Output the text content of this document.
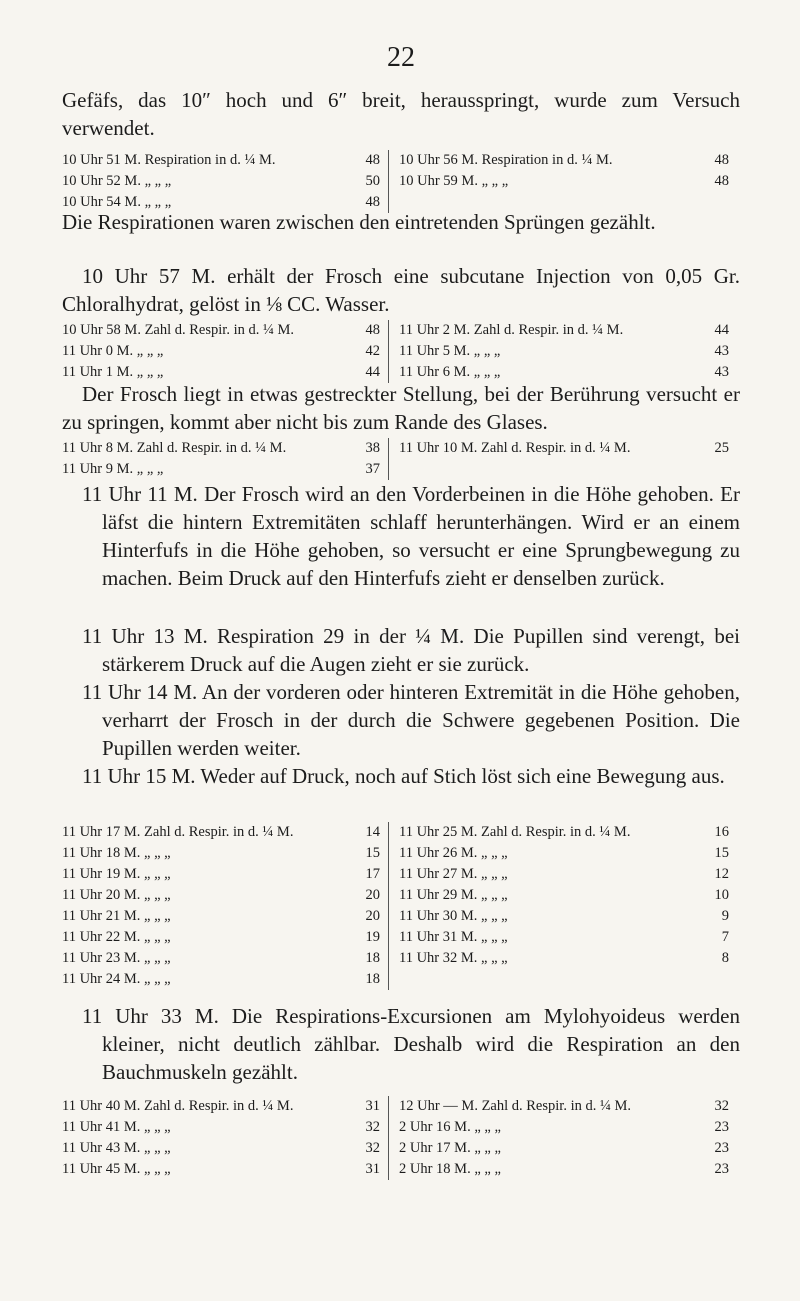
22

Gefäfs, das 10″ hoch und 6″ breit, herausspringt, wurde zum Versuch verwendet.

10 Uhr 51 M. Respiration in d. ¼ M.	48
10 Uhr 52 M. „ „ „	50
10 Uhr 54 M. „ „ „	48
10 Uhr 56 M. Respiration in d. ¼ M.	48
10 Uhr 59 M. „ „ „	48

Die Respirationen waren zwischen den eintretenden Sprüngen gezählt.

10 Uhr 57 M. erhält der Frosch eine subcutane Injection von 0,05 Gr. Chloralhydrat, gelöst in ⅛ CC. Wasser.

10 Uhr 58 M. Zahl d. Respir. in d. ¼ M.	48
11 Uhr 0 M. „ „ „	42
11 Uhr 1 M. „ „ „	44
11 Uhr 2 M. Zahl d. Respir. in d. ¼ M.	44
11 Uhr 5 M. „ „ „	43
11 Uhr 6 M. „ „ „	43

Der Frosch liegt in etwas gestreckter Stellung, bei der Berührung versucht er zu springen, kommt aber nicht bis zum Rande des Glases.

11 Uhr 8 M. Zahl d. Respir. in d. ¼ M.	38
11 Uhr 9 M. „ „ „	37
11 Uhr 10 M. Zahl d. Respir. in d. ¼ M.	25

11 Uhr 11 M. Der Frosch wird an den Vorderbeinen in die Höhe gehoben. Er läfst die hintern Extremitäten schlaff herunterhängen. Wird er an einem Hinterfufs in die Höhe gehoben, so versucht er eine Sprungbewegung zu machen. Beim Druck auf den Hinterfufs zieht er denselben zurück.

11 Uhr 13 M. Respiration 29 in der ¼ M. Die Pupillen sind verengt, bei stärkerem Druck auf die Augen zieht er sie zurück.

11 Uhr 14 M. An der vorderen oder hinteren Extremität in die Höhe gehoben, verharrt der Frosch in der durch die Schwere gegebenen Position. Die Pupillen werden weiter.

11 Uhr 15 M. Weder auf Druck, noch auf Stich löst sich eine Bewegung aus.

11 Uhr 17 M. Zahl d. Respir. in d. ¼ M.	14
11 Uhr 18 M. „ „ „	15
11 Uhr 19 M. „ „ „	17
11 Uhr 20 M. „ „ „	20
11 Uhr 21 M. „ „ „	20
11 Uhr 22 M. „ „ „	19
11 Uhr 23 M. „ „ „	18
11 Uhr 24 M. „ „ „	18
11 Uhr 25 M. Zahl d. Respir. in d. ¼ M.	16
11 Uhr 26 M. „ „ „	15
11 Uhr 27 M. „ „ „	12
11 Uhr 29 M. „ „ „	10
11 Uhr 30 M. „ „ „	9
11 Uhr 31 M. „ „ „	7
11 Uhr 32 M. „ „ „	8

11 Uhr 33 M. Die Respirations-Excursionen am Mylohyoideus werden kleiner, nicht deutlich zählbar. Deshalb wird die Respiration an den Bauchmuskeln gezählt.

11 Uhr 40 M. Zahl d. Respir. in d. ¼ M.	31
11 Uhr 41 M. „ „ „	32
11 Uhr 43 M. „ „ „	32
11 Uhr 45 M. „ „ „	31
12 Uhr — M. Zahl d. Respir. in d. ¼ M.	32
2 Uhr 16 M. „ „ „	23
2 Uhr 17 M. „ „ „	23
2 Uhr 18 M. „ „ „	23
